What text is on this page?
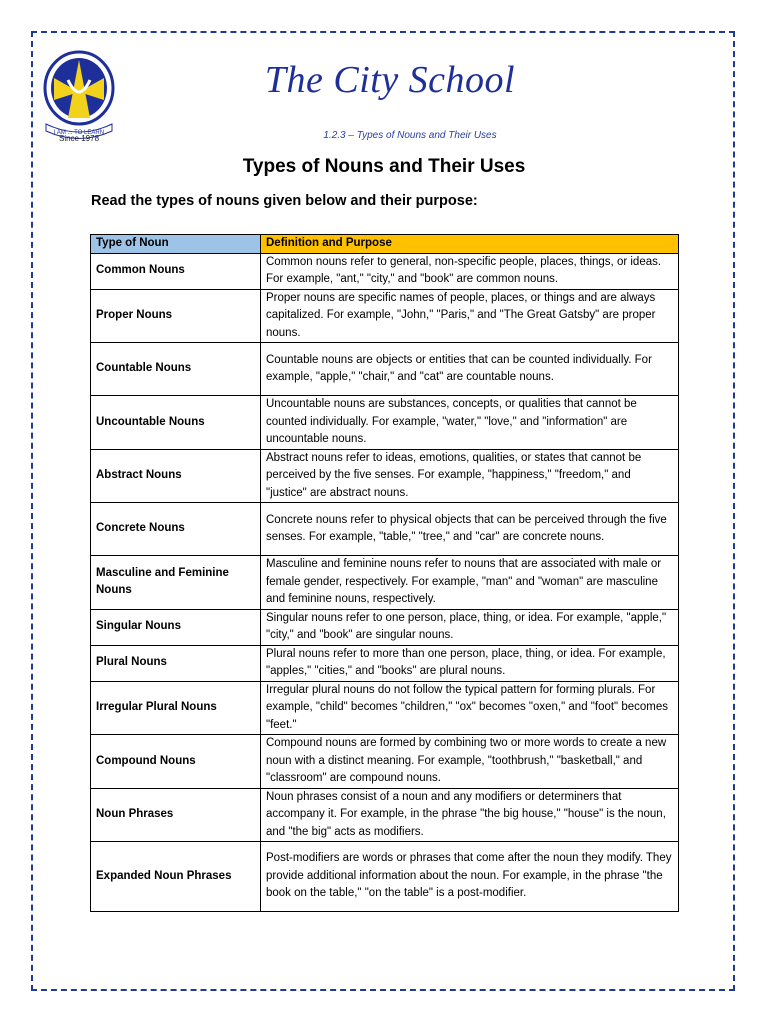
I AM ... TO LEARN
Since 1978
The City School
1.2.3 – Types of Nouns and Their Uses
Types of Nouns and Their Uses
Read the types of nouns given below and their purpose:
Type of Noun	Definition and Purpose
Common Nouns	Common nouns refer to general, non-specific people, places, things, or ideas. For example, "ant," "city," and "book" are common nouns.
Proper Nouns	Proper nouns are specific names of people, places, or things and are always capitalized. For example, "John," "Paris," and "The Great Gatsby" are proper nouns.
Countable Nouns	Countable nouns are objects or entities that can be counted individually. For example, "apple," "chair," and "cat" are countable nouns.
Uncountable Nouns	Uncountable nouns are substances, concepts, or qualities that cannot be counted individually. For example, "water," "love," and "information" are uncountable nouns.
Abstract Nouns	Abstract nouns refer to ideas, emotions, qualities, or states that cannot be perceived by the five senses. For example, "happiness," "freedom," and "justice" are abstract nouns.
Concrete Nouns	Concrete nouns refer to physical objects that can be perceived through the five senses. For example, "table," "tree," and "car" are concrete nouns.
Masculine and Feminine Nouns	Masculine and feminine nouns refer to nouns that are associated with male or female gender, respectively. For example, "man" and "woman" are masculine and feminine nouns, respectively.
Singular Nouns	Singular nouns refer to one person, place, thing, or idea. For example, "apple," "city," and "book" are singular nouns.
Plural Nouns	Plural nouns refer to more than one person, place, thing, or idea. For example, "apples," "cities," and "books" are plural nouns.
Irregular Plural Nouns	Irregular plural nouns do not follow the typical pattern for forming plurals. For example, "child" becomes "children," "ox" becomes "oxen," and "foot" becomes "feet."
Compound Nouns	Compound nouns are formed by combining two or more words to create a new noun with a distinct meaning. For example, "toothbrush," "basketball," and "classroom" are compound nouns.
Noun Phrases	Noun phrases consist of a noun and any modifiers or determiners that accompany it. For example, in the phrase "the big house," "house" is the noun, and "the big" acts as modifiers.
Expanded Noun Phrases	Post-modifiers are words or phrases that come after the noun they modify. They provide additional information about the noun. For example, in the phrase "the book on the table," "on the table" is a post-modifier.
